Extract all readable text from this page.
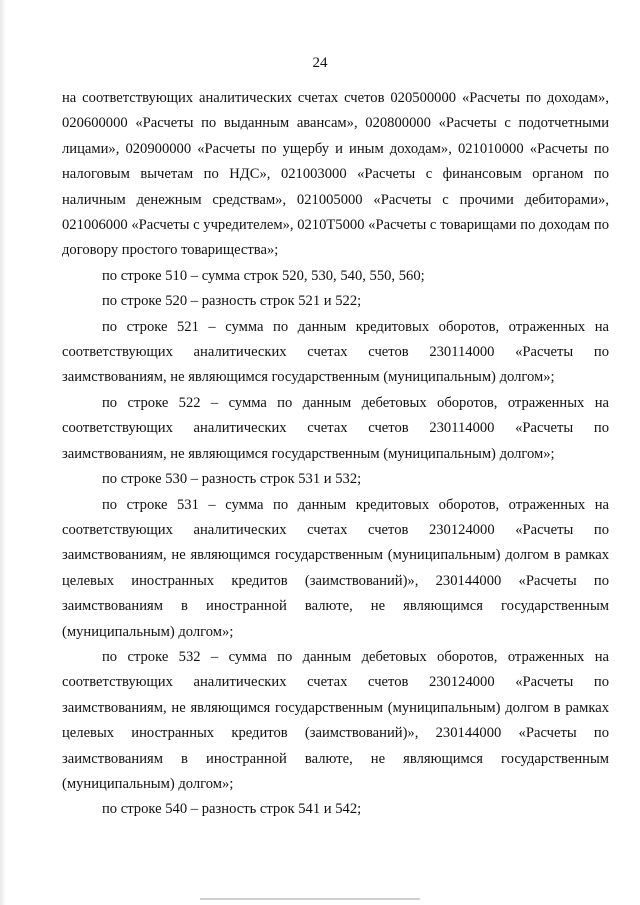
24

на соответствующих аналитических счетах счетов 020500000 «Расчеты по доходам», 020600000 «Расчеты по выданным авансам», 020800000 «Расчеты с подотчетными лицами», 020900000 «Расчеты по ущербу и иным доходам», 021010000 «Расчеты по налоговым вычетам по НДС», 021003000 «Расчеты с финансовым органом по наличным денежным средствам», 021005000 «Расчеты с прочими дебиторами», 021006000 «Расчеты с учредителем», 0210Т5000 «Расчеты с товарищами по доходам по договору простого товарищества»;

по строке 510 – сумма строк 520, 530, 540, 550, 560;

по строке 520 – разность строк 521 и 522;

по строке 521 – сумма по данным кредитовых оборотов, отраженных на соответствующих аналитических счетах счетов 230114000 «Расчеты по заимствованиям, не являющимся государственным (муниципальным) долгом»;

по строке 522 – сумма по данным дебетовых оборотов, отраженных на соответствующих аналитических счетах счетов 230114000 «Расчеты по заимствованиям, не являющимся государственным (муниципальным) долгом»;

по строке 530 – разность строк 531 и 532;

по строке 531 – сумма по данным кредитовых оборотов, отраженных на соответствующих аналитических счетах счетов 230124000 «Расчеты по заимствованиям, не являющимся государственным (муниципальным) долгом в рамках целевых иностранных кредитов (заимствований)», 230144000 «Расчеты по заимствованиям в иностранной валюте, не являющимся государственным (муниципальным) долгом»;

по строке 532 – сумма по данным дебетовых оборотов, отраженных на соответствующих аналитических счетах счетов 230124000 «Расчеты по заимствованиям, не являющимся государственным (муниципальным) долгом в рамках целевых иностранных кредитов (заимствований)», 230144000 «Расчеты по заимствованиям в иностранной валюте, не являющимся государственным (муниципальным) долгом»;

по строке 540 – разность строк 541 и 542;
